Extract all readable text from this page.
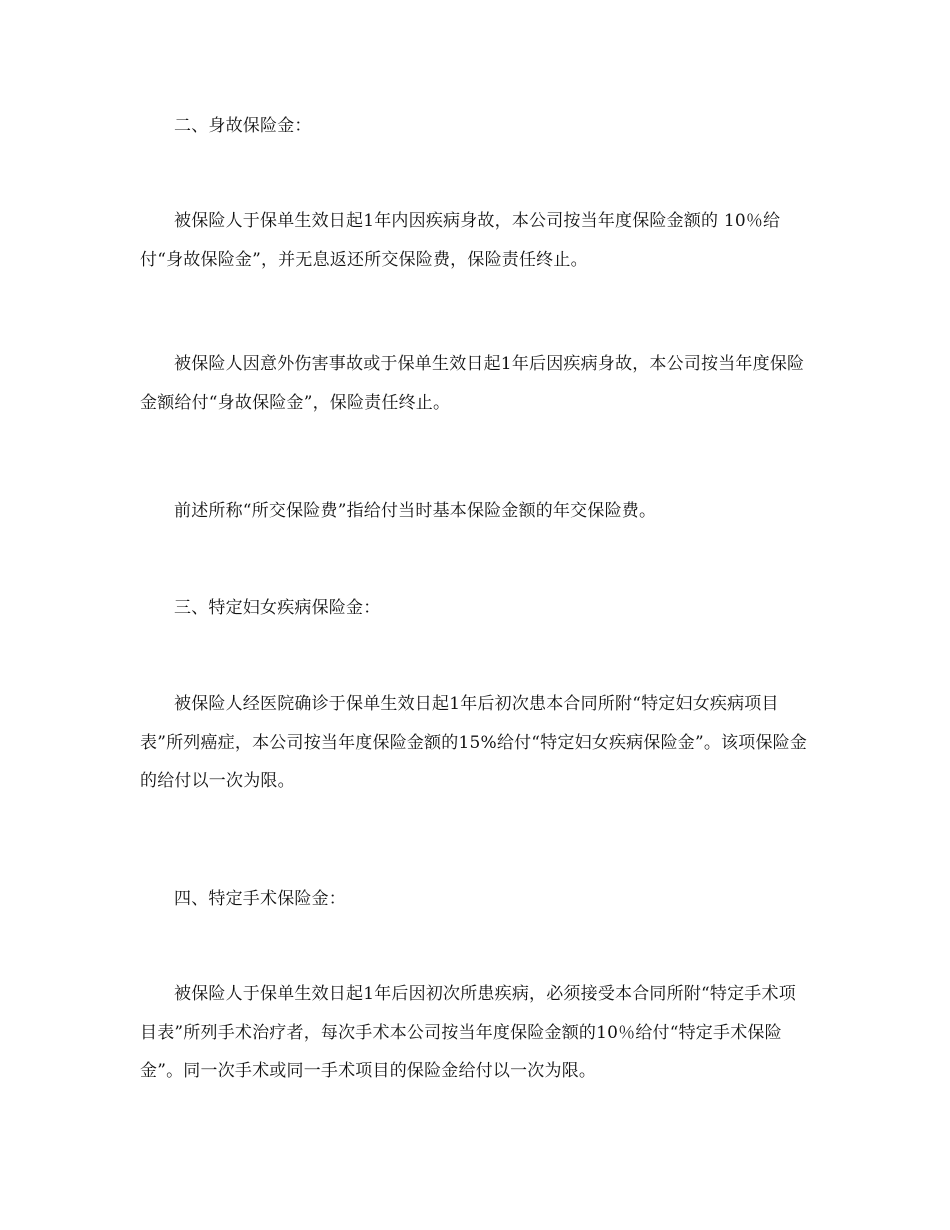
二、身故保险金：

被保险人于保单生效日起1年内因疾病身故，本公司按当年度保险金额的 10％给付“身故保险金”，并无息返还所交保险费，保险责任终止。

被保险人因意外伤害事故或于保单生效日起1年后因疾病身故，本公司按当年度保险金额给付“身故保险金”，保险责任终止。

前述所称“所交保险费”指给付当时基本保险金额的年交保险费。

三、特定妇女疾病保险金：

被保险人经医院确诊于保单生效日起1年后初次患本合同所附“特定妇女疾病项目表”所列癌症，本公司按当年度保险金额的15%给付“特定妇女疾病保险金”。该项保险金的给付以一次为限。

四、特定手术保险金：

被保险人于保单生效日起1年后因初次所患疾病，必须接受本合同所附“特定手术项目表”所列手术治疗者，每次手术本公司按当年度保险金额的10％给付“特定手术保险金”。同一次手术或同一手术项目的保险金给付以一次为限。
